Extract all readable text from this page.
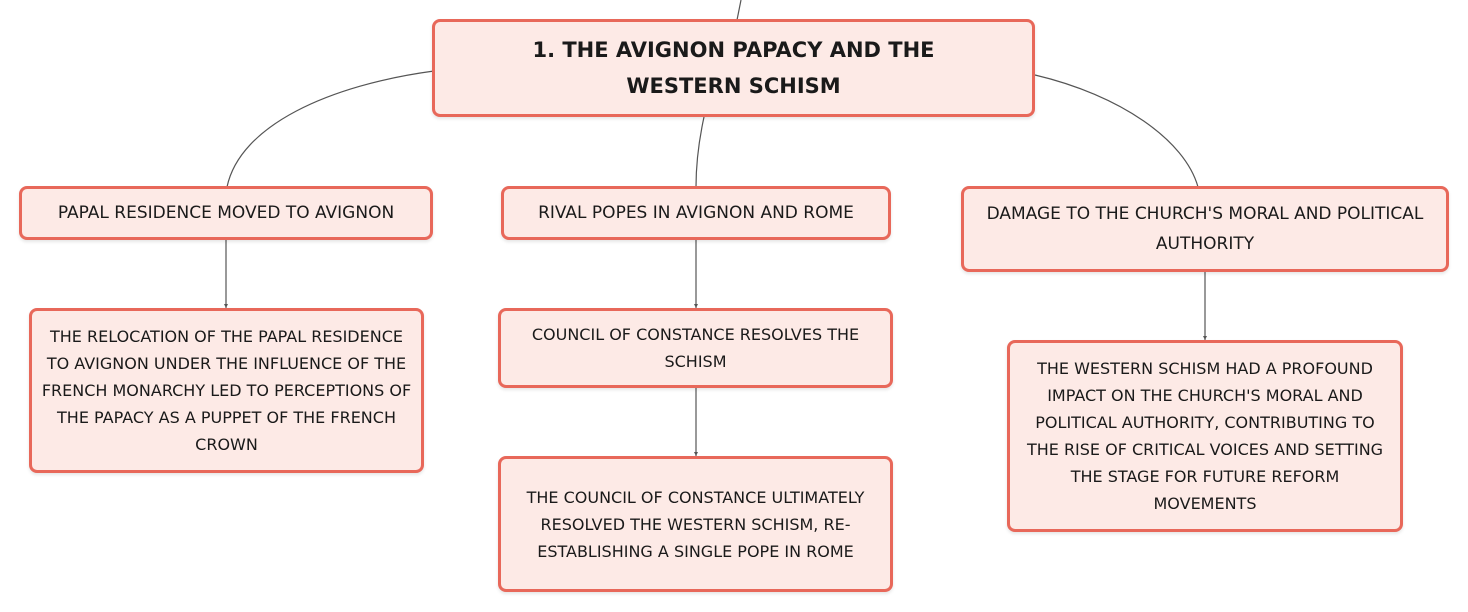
1. THE AVIGNON PAPACY AND THE WESTERN SCHISM
PAPAL RESIDENCE MOVED TO AVIGNON	RIVAL POPES IN AVIGNON AND ROME	DAMAGE TO THE CHURCH'S MORAL AND POLITICAL AUTHORITY
THE RELOCATION OF THE PAPAL RESIDENCE TO AVIGNON UNDER THE INFLUENCE OF THE FRENCH MONARCHY LED TO PERCEPTIONS OF THE PAPACY AS A PUPPET OF THE FRENCH CROWN
COUNCIL OF CONSTANCE RESOLVES THE SCHISM
THE COUNCIL OF CONSTANCE ULTIMATELY RESOLVED THE WESTERN SCHISM, RE-ESTABLISHING A SINGLE POPE IN ROME
THE WESTERN SCHISM HAD A PROFOUND IMPACT ON THE CHURCH'S MORAL AND POLITICAL AUTHORITY, CONTRIBUTING TO THE RISE OF CRITICAL VOICES AND SETTING THE STAGE FOR FUTURE REFORM MOVEMENTS
